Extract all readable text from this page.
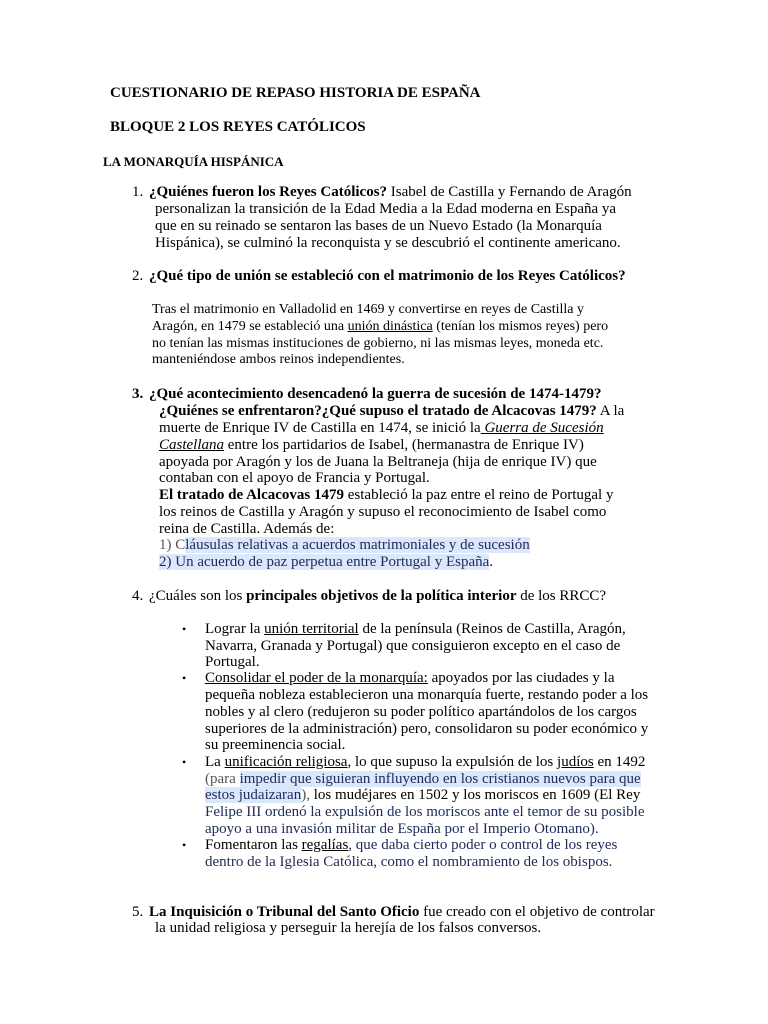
CUESTIONARIO DE REPASO HISTORIA DE ESPAÑA
BLOQUE 2 LOS REYES CATÓLICOS
LA MONARQUÍA HISPÁNICA
1. ¿Quiénes fueron los Reyes Católicos? Isabel de Castilla y Fernando de Aragón
personalizan la transición de la Edad Media a la Edad moderna en España ya
que en su reinado se sentaron las bases de un Nuevo Estado (la Monarquía
Hispánica), se culminó la reconquista y se descubrió el continente americano.
2. ¿Qué tipo de unión se estableció con el matrimonio de los Reyes Católicos?
Tras el matrimonio en Valladolid en 1469 y convertirse en reyes de Castilla y
Aragón, en 1479 se estableció una unión dinástica (tenían los mismos reyes) pero
no tenían las mismas instituciones de gobierno, ni las mismas leyes, moneda etc.
manteniéndose ambos reinos independientes.
3. ¿Qué acontecimiento desencadenó la guerra de sucesión de 1474-1479?
¿Quiénes se enfrentaron?¿Qué supuso el tratado de Alcacovas 1479? A la
muerte de Enrique IV de Castilla en 1474, se inició la Guerra de Sucesión
Castellana entre los partidarios de Isabel, (hermanastra de Enrique IV)
apoyada por Aragón y los de Juana la Beltraneja (hija de enrique IV) que
contaban con el apoyo de Francia y Portugal.
El tratado de Alcacovas 1479 estableció la paz entre el reino de Portugal y
los reinos de Castilla y Aragón y supuso el reconocimiento de Isabel como
reina de Castilla. Además de:
1) Cláusulas relativas a acuerdos matrimoniales y de sucesión
2) Un acuerdo de paz perpetua entre Portugal y España.
4. ¿Cuáles son los principales objetivos de la política interior de los RRCC?
• Lograr la unión territorial de la península (Reinos de Castilla, Aragón,
Navarra, Granada y Portugal) que consiguieron excepto en el caso de
Portugal.
• Consolidar el poder de la monarquía: apoyados por las ciudades y la
pequeña nobleza establecieron una monarquía fuerte, restando poder a los
nobles y al clero (redujeron su poder político apartándolos de los cargos
superiores de la administración) pero, consolidaron su poder económico y
su preeminencia social.
• La unificación religiosa, lo que supuso la expulsión de los judíos en 1492
(para impedir que siguieran influyendo en los cristianos nuevos para que
estos judaizaran), los mudéjares en 1502 y los moriscos en 1609 (El Rey
Felipe III ordenó la expulsión de los moriscos ante el temor de su posible
apoyo a una invasión militar de España por el Imperio Otomano).
• Fomentaron las regalías, que daba cierto poder o control de los reyes
dentro de la Iglesia Católica, como el nombramiento de los obispos.
5. La Inquisición o Tribunal del Santo Oficio fue creado con el objetivo de controlar
la unidad religiosa y perseguir la herejía de los falsos conversos.
